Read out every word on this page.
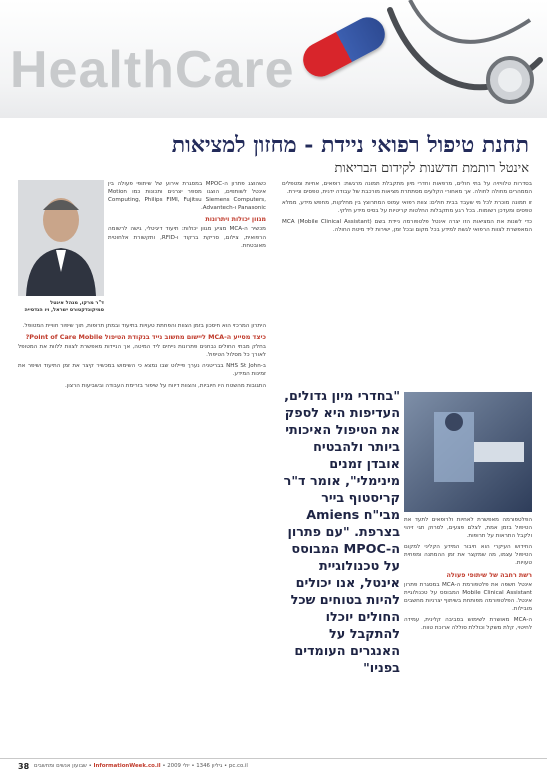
HealthCare
תחנת טיפול רפואי ניידת - מחזון למציאות
אינטל רותמת חדשנות לקידום הבריאות

בסדרות טלוויזיה על בתי חולים, מרפאות וחדרי מיון מתקבלת תמונה מרגשת: רופאים, אחיות ומטפלים הממהרים מחולה לחולה. אך מאחורי הקלעים מסתתרת מציאות מורכבת של עבודה ידנית, טפסים וניירת.

זו תמונה מוכרת לכל מי שעבד בבית חולים: צוות רפואי עמוס המתרוצץ בין מחלקות, מחפש מידע, ממלא טפסים ומעדכן רשומות. בכל רגע מתקבלות החלטות קריטיות על בסיס מידע חלקי.

כדי לשנות את המציאות הזו יצרה אינטל פלטפורמה ניידת בשם MCA (Mobile Clinical Assistant) המאפשרת לצוות הרפואי לגשת למידע בכל מקום ובכל זמן, ישירות ליד מיטת החולה.

"בחדרי מיון גדולים, העדיפות היא לספק את הטיפול האיכותי ביותר ולהבטיח אובדן זמנים מינימלי", אומר ד"ר קריסטוף בייר מבי"ח Amiens בצרפת. "עם פתרון ה-MPOC המבוסס על טכנולוגיית אינטל, אנו יכולים להיות בטוחים שכל החולים יוכלו להתקבל על האנגרים העומדים בפניו"

הפלטפורמה מאפשרת לאחיות ולרופאים לתעד את הטיפול בזמן אמת, לצלם פצעים, לסרוק תגי זיהוי ולקבל התראות על תרופות.

החידוש העיקרי הוא חיבור המידע הקליני למקום הטיפול עצמו, מה שמקצר את זמן ההמתנה ומפחית טעויות.

רשת רחבה של שיתופי פעולה

אינטל חשפה את פלטפורמת ה-MCA במסגרת פתרון Mobile Clinical Assistant המבוסס על טכנולוגיית אינטל. הפלטפורמה מפותחת בשיתוף יצרניות מחשבים מובילות.

ה-MCA מאושרת לשימוש בסביבה קלינית, עמידה לחיטוי, קלת משקל וכוללת סוללה ארוכת טווח.

ד"ר מרקו, מנהל אינטל סמיקונדקטורס ישראל, ויו הנדסייה

כשהוצג פתרון ה-MPOC במסגרת אירוע של שיתופי פעולה בין אינטל לשותפים, הוצגו מספר יצרנים ותכונות כמו Motion Computing, Philips FIMI, Fujitsu Siemens Computers, Panasonic ו-Advantech.

מגוון יכולות ויתרונות

מכשיר ה-MCA מציע מגוון יכולות: תיעוד דיגיטלי, גישה לרשומה הרפואית, צילום, סריקת ברקוד ו-RFID, ותקשורת אלחוטית מאובטחת.

היתרון המרכזי הוא חיסכון בזמן הצוות והפחתת טעויות בתיעוד ובמתן תרופות, תוך שיפור חוויית המטופל.

כיצד מסייע ה-MCA ליישום מחשוב נייד בנקודת הטיפול Point of Care Mobile?

בחלק מבתי החולים נבחנים פתרונות נייחים ליד המיטה, אך הניידות מאפשרת לצוות ללוות את המטופל לאורך כל מסלול הטיפול.

ב-NHS St John בבריטניה נערך פיילוט שבו נמצא כי השימוש במכשיר קיצר את זמן התיעוד ושיפר את זמינות המידע.

התגובות מהשטח היו חיוביות, והצוות דיווח על שיפור בזרימת העבודה ובשביעות הרצון.

38	pc.co.il • גיליון 1346 • יולי 2009 • InformationWeek.co.il • שבועון אנשים ומחשבים
